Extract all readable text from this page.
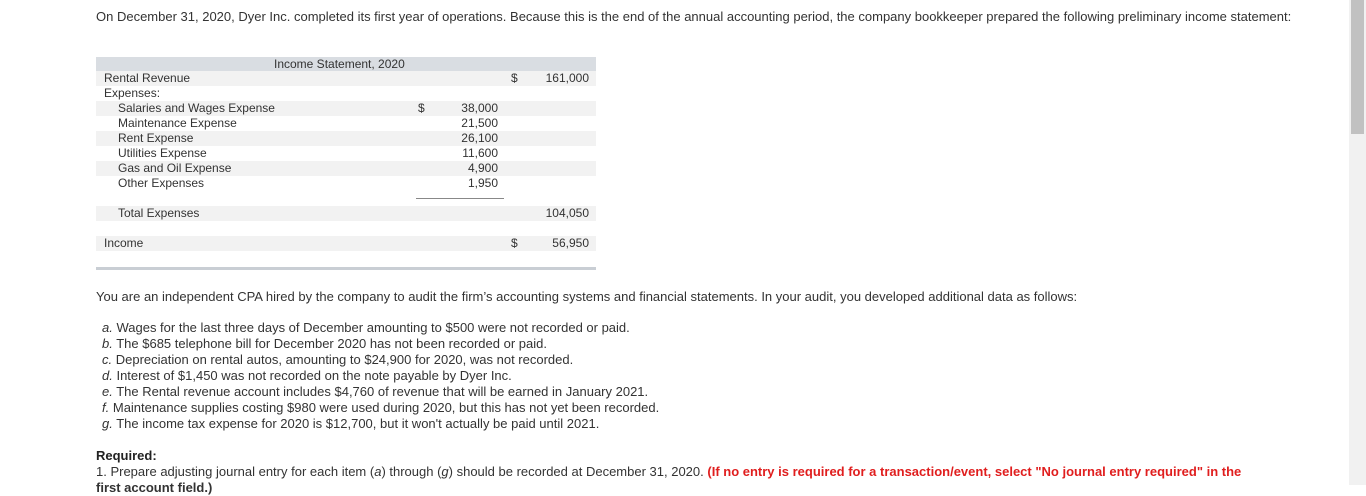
On December 31, 2020, Dyer Inc. completed its first year of operations. Because this is the end of the annual accounting period, the company bookkeeper prepared the following preliminary income statement:
Income Statement, 2020
Rental Revenue	$	161,000
Expenses:
Salaries and Wages Expense	$	38,000
Maintenance Expense	21,500
Rent Expense	26,100
Utilities Expense	11,600
Gas and Oil Expense	4,900
Other Expenses	1,950
Total Expenses	104,050
Income	$	56,950
You are an independent CPA hired by the company to audit the firm’s accounting systems and financial statements. In your audit, you developed additional data as follows:
a. Wages for the last three days of December amounting to $500 were not recorded or paid.
b. The $685 telephone bill for December 2020 has not been recorded or paid.
c. Depreciation on rental autos, amounting to $24,900 for 2020, was not recorded.
d. Interest of $1,450 was not recorded on the note payable by Dyer Inc.
e. The Rental revenue account includes $4,760 of revenue that will be earned in January 2021.
f. Maintenance supplies costing $980 were used during 2020, but this has not yet been recorded.
g. The income tax expense for 2020 is $12,700, but it won't actually be paid until 2021.
Required:
1. Prepare adjusting journal entry for each item (a) through (g) should be recorded at December 31, 2020. (If no entry is required for a transaction/event, select "No journal entry required" in the
first account field.)
